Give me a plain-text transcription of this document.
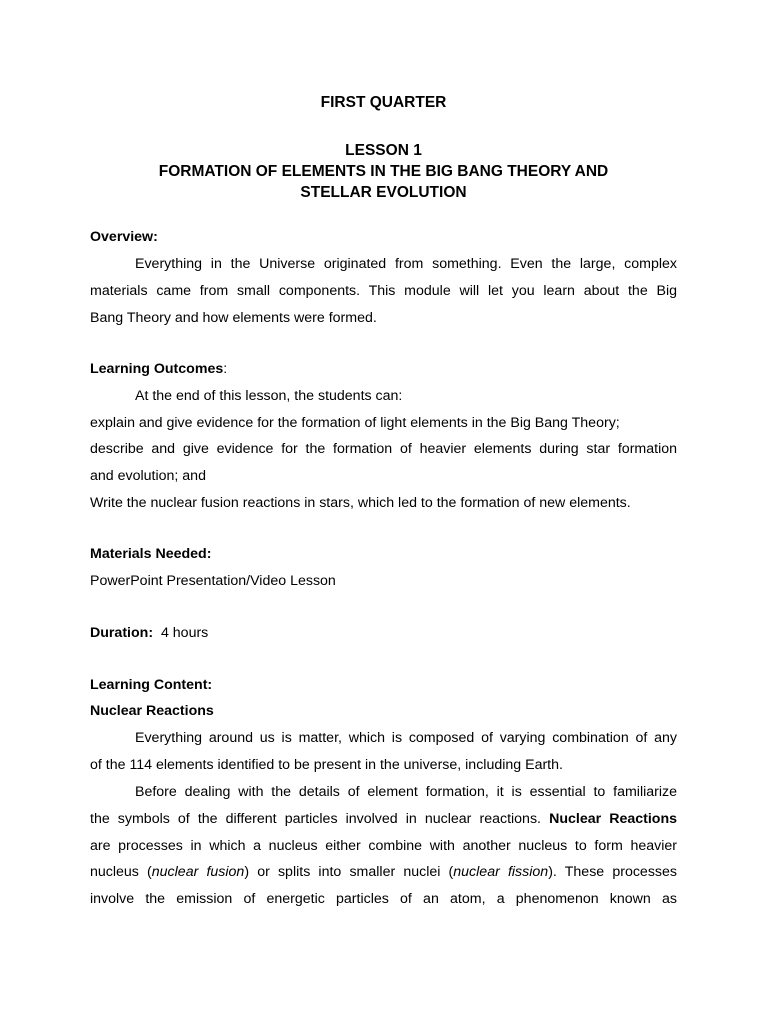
FIRST QUARTER
LESSON 1
FORMATION OF ELEMENTS IN THE BIG BANG THEORY AND
STELLAR EVOLUTION
Overview:
Everything in the Universe originated from something. Even the large, complex
materials came from small components. This module will let you learn about the Big
Bang Theory and how elements were formed.
Learning Outcomes:
At the end of this lesson, the students can:
explain and give evidence for the formation of light elements in the Big Bang Theory;
describe and give evidence for the formation of heavier elements during star formation
and evolution; and
Write the nuclear fusion reactions in stars, which led to the formation of new elements.
Materials Needed:
PowerPoint Presentation/Video Lesson
Duration: 4 hours
Learning Content:
Nuclear Reactions
Everything around us is matter, which is composed of varying combination of any
of the 114 elements identified to be present in the universe, including Earth.
Before dealing with the details of element formation, it is essential to familiarize
the symbols of the different particles involved in nuclear reactions. Nuclear Reactions
are processes in which a nucleus either combine with another nucleus to form heavier
nucleus (nuclear fusion) or splits into smaller nuclei (nuclear fission). These processes
involve the emission of energetic particles of an atom, a phenomenon known as
